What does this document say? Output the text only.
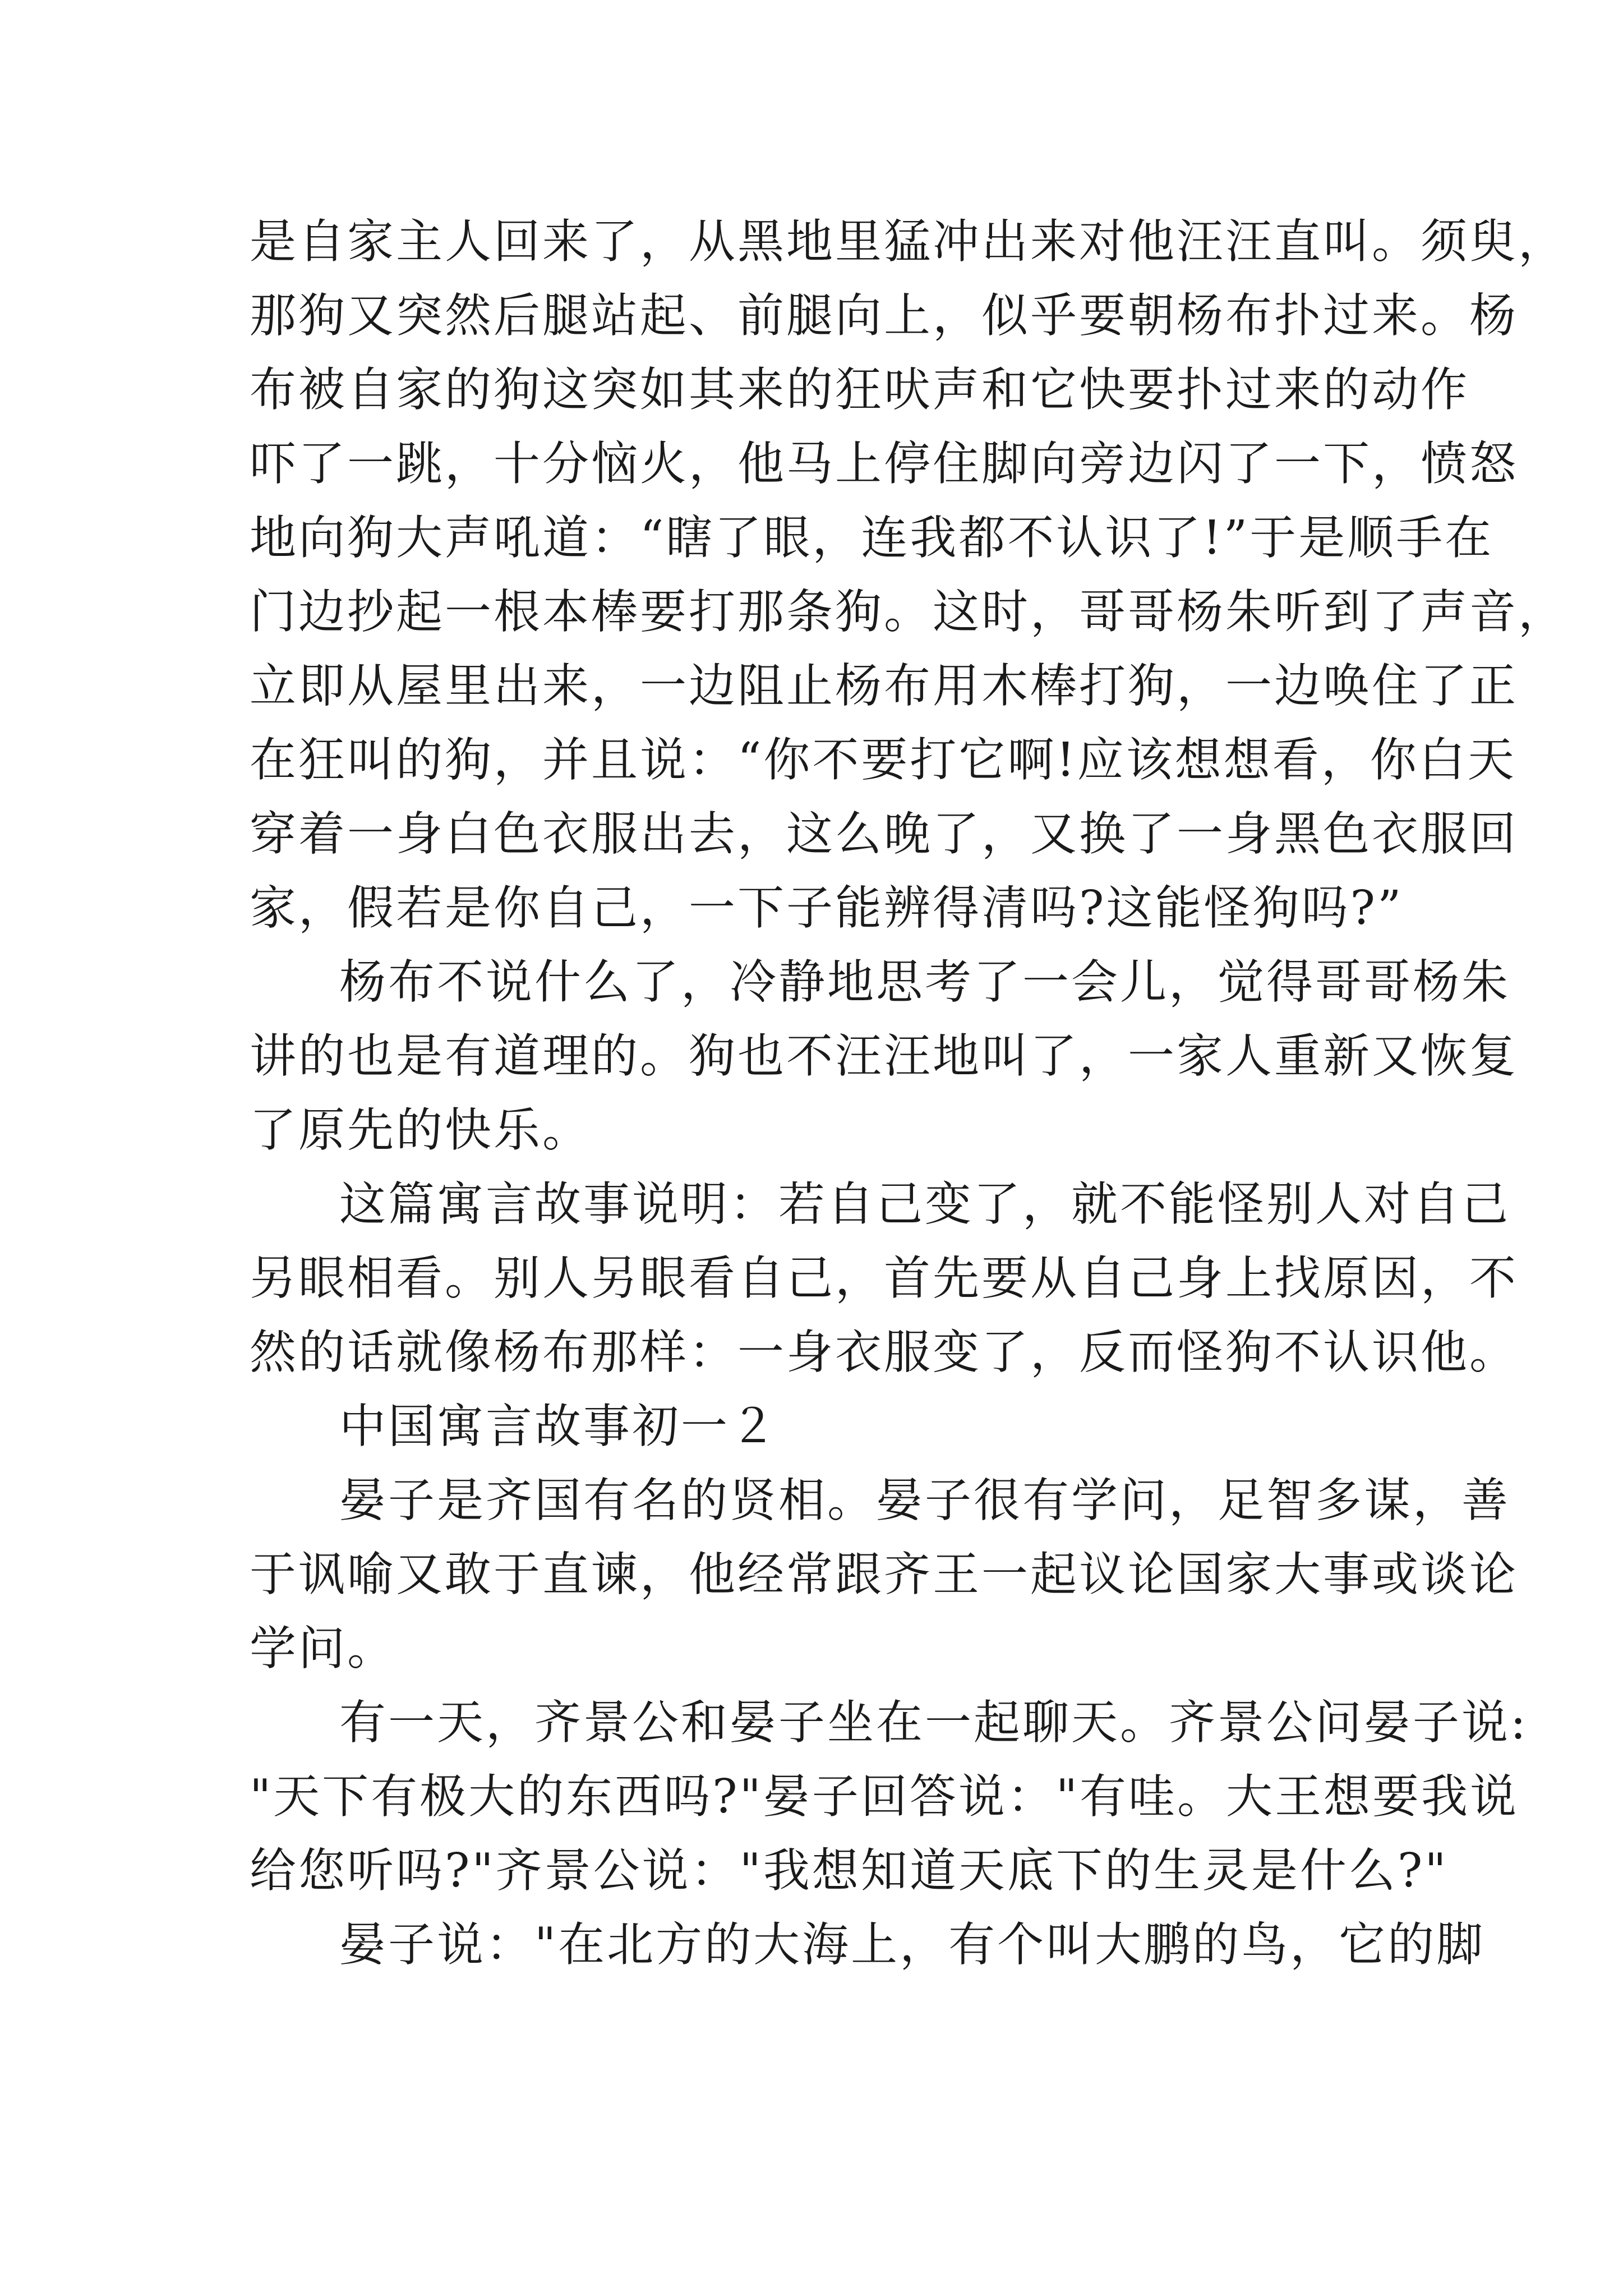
是自家主人回来了，从黑地里猛冲出来对他汪汪直叫。须臾，
那狗又突然后腿站起、前腿向上，似乎要朝杨布扑过来。杨
布被自家的狗这突如其来的狂吠声和它快要扑过来的动作
吓了一跳，十分恼火，他马上停住脚向旁边闪了一下，愤怒
地向狗大声吼道：“瞎了眼，连我都不认识了!”于是顺手在
门边抄起一根本棒要打那条狗。这时，哥哥杨朱听到了声音，
立即从屋里出来，一边阻止杨布用木棒打狗，一边唤住了正
在狂叫的狗，并且说：“你不要打它啊!应该想想看，你白天
穿着一身白色衣服出去，这么晚了，又换了一身黑色衣服回
家，假若是你自己，一下子能辨得清吗?这能怪狗吗?”
杨布不说什么了，冷静地思考了一会儿，觉得哥哥杨朱
讲的也是有道理的。狗也不汪汪地叫了，一家人重新又恢复
了原先的快乐。
这篇寓言故事说明：若自己变了，就不能怪别人对自己
另眼相看。别人另眼看自己，首先要从自己身上找原因，不
然的话就像杨布那样：一身衣服变了，反而怪狗不认识他。
中国寓言故事初一２
晏子是齐国有名的贤相。晏子很有学问，足智多谋，善
于讽喻又敢于直谏，他经常跟齐王一起议论国家大事或谈论
学问。
有一天，齐景公和晏子坐在一起聊天。齐景公问晏子说:
"天下有极大的东西吗?"晏子回答说："有哇。大王想要我说
给您听吗?"齐景公说："我想知道天底下的生灵是什么?"
晏子说："在北方的大海上，有个叫大鹏的鸟，它的脚
